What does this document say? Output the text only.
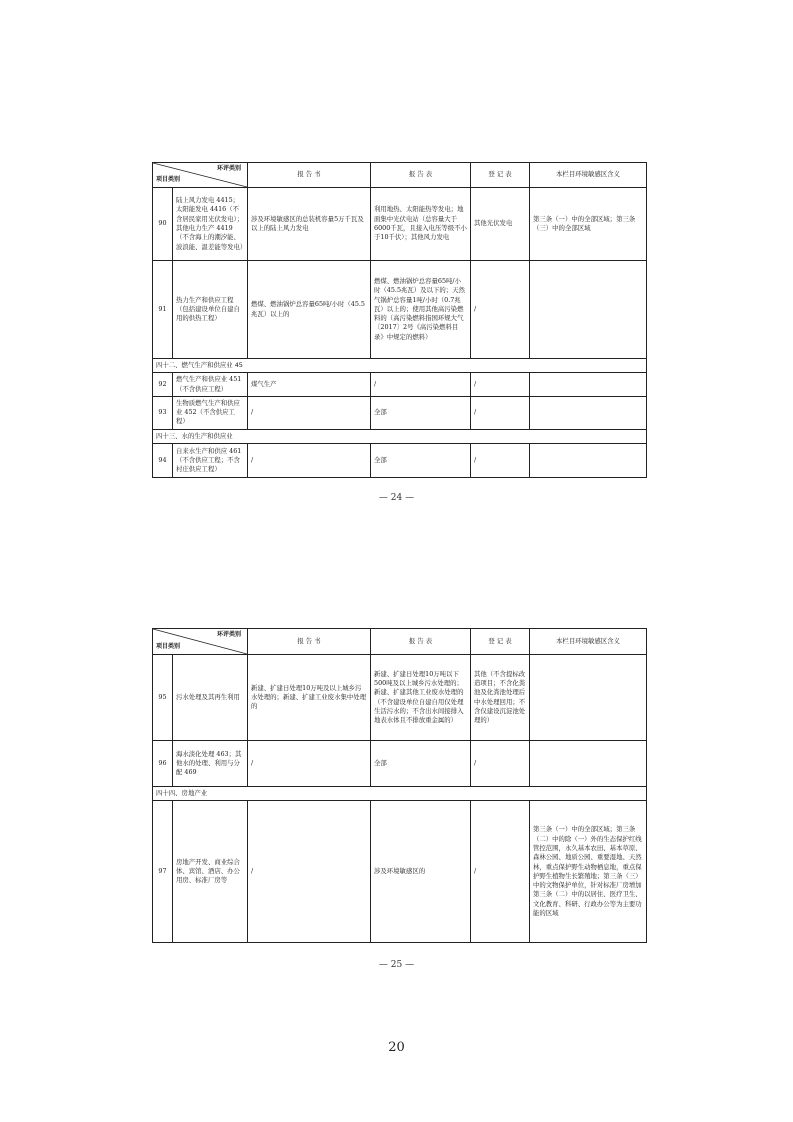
环评类别
项目类别		报 告 书	报 告 表	登 记 表	本栏目环境敏感区含义
90	陆上风力发电 4415；太阳能发电 4416（不含居民家用光伏发电）；其他电力生产 4419（不含海上的潮汐能、波浪能、温差能等发电）	涉及环境敏感区的总装机容量5万千瓦及以上的陆上风力发电	利用地热、太阳能热等发电；地面集中光伏电站（总容量大于6000千瓦，且接入电压等级不小于10千伏）；其他风力发电	其他光伏发电	第三条（一）中的全部区域；第三条（三）中的全部区域
91	热力生产和供应工程（包括建设单位自建自用的供热工程）	燃煤、燃油锅炉总容量65吨/小时（45.5兆瓦）以上的	燃煤、燃油锅炉总容量65吨/小时（45.5兆瓦）及以下的；天然气锅炉总容量1吨/小时（0.7兆瓦）以上的；使用其他高污染燃料的（高污染燃料指国环规大气〔2017〕2号《高污染燃料目录》中规定的燃料）	/	
四十二、燃气生产和供应业 45					
92	燃气生产和供应业 451（不含供应工程）	煤气生产	/	/	
93	生物质燃气生产和供应业 452（不含供应工程）	/	全部	/	
四十三、水的生产和供应业					
94	自来水生产和供应 461（不含供应工程；不含村庄供应工程）	/	全部	/	
— 24 —
环评类别
项目类别		报 告 书	报 告 表	登 记 表	本栏目环境敏感区含义
95	污水处理及其再生利用	新建、扩建日处理10万吨及以上城乡污水处理的；新建、扩建工业废水集中处理的	新建、扩建日处理10万吨以下500吨及以上城乡污水处理的；新建、扩建其他工业废水处理的（不含建设单位自建自用仅处理生活污水的；不含出水间接排入地表水体且不排放重金属的）	其他（不含提标改造项目；不含化粪池及化粪池处理后中水处理回用；不含仅建设沉淀池处理的）	
96	海水淡化处理 463；其他水的处理、利用与分配 469	/	全部	/	
四十四、房地产业					
97	房地产开发、商业综合体、宾馆、酒店、办公用房、标准厂房等	/	涉及环境敏感区的	/	第三条（一）中的全部区域；第三条（二）中的除（一）外的生态保护红线管控范围，永久基本农田、基本草原、森林公园、地质公园、重要湿地、天然林，重点保护野生动物栖息地，重点保护野生植物生长繁殖地；第三条（三）中的文物保护单位，针对标准厂房增加第三条（二）中的以居住、医疗卫生、文化教育、科研、行政办公等为主要功能的区域
— 25 —
20
